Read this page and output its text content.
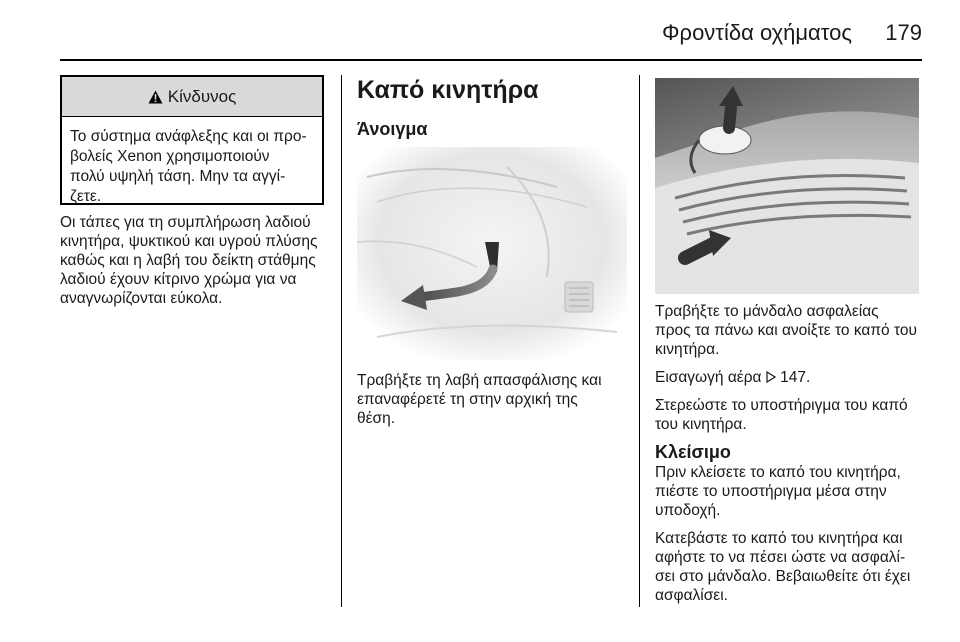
Φροντίδα οχήματος 179
Κίνδυνος
Το σύστημα ανάφλεξης και οι προ-
βολείς Xenon χρησιμοποιούν
πολύ υψηλή τάση. Μην τα αγγί-
ζετε.
Οι τάπες για τη συμπλήρωση λαδιού
κινητήρα, ψυκτικού και υγρού πλύσης
καθώς και η λαβή του δείκτη στάθμης
λαδιού έχουν κίτρινο χρώμα για να
αναγνωρίζονται εύκολα.
Καπό κινητήρα
Άνοιγμα
Τραβήξτε τη λαβή απασφάλισης και
επαναφέρετέ τη στην αρχική της
θέση.

Τραβήξτε το μάνδαλο ασφαλείας
προς τα πάνω και ανοίξτε το καπό του
κινητήρα.

Εισαγωγή αέρα 147.

Στερεώστε το υποστήριγμα του καπό
του κινητήρα.

Κλείσιμο

Πριν κλείσετε το καπό του κινητήρα,
πιέστε το υποστήριγμα μέσα στην
υποδοχή.

Κατεβάστε το καπό του κινητήρα και
αφήστε το να πέσει ώστε να ασφαλί-
σει στο μάνδαλο. Βεβαιωθείτε ότι έχει
ασφαλίσει.
